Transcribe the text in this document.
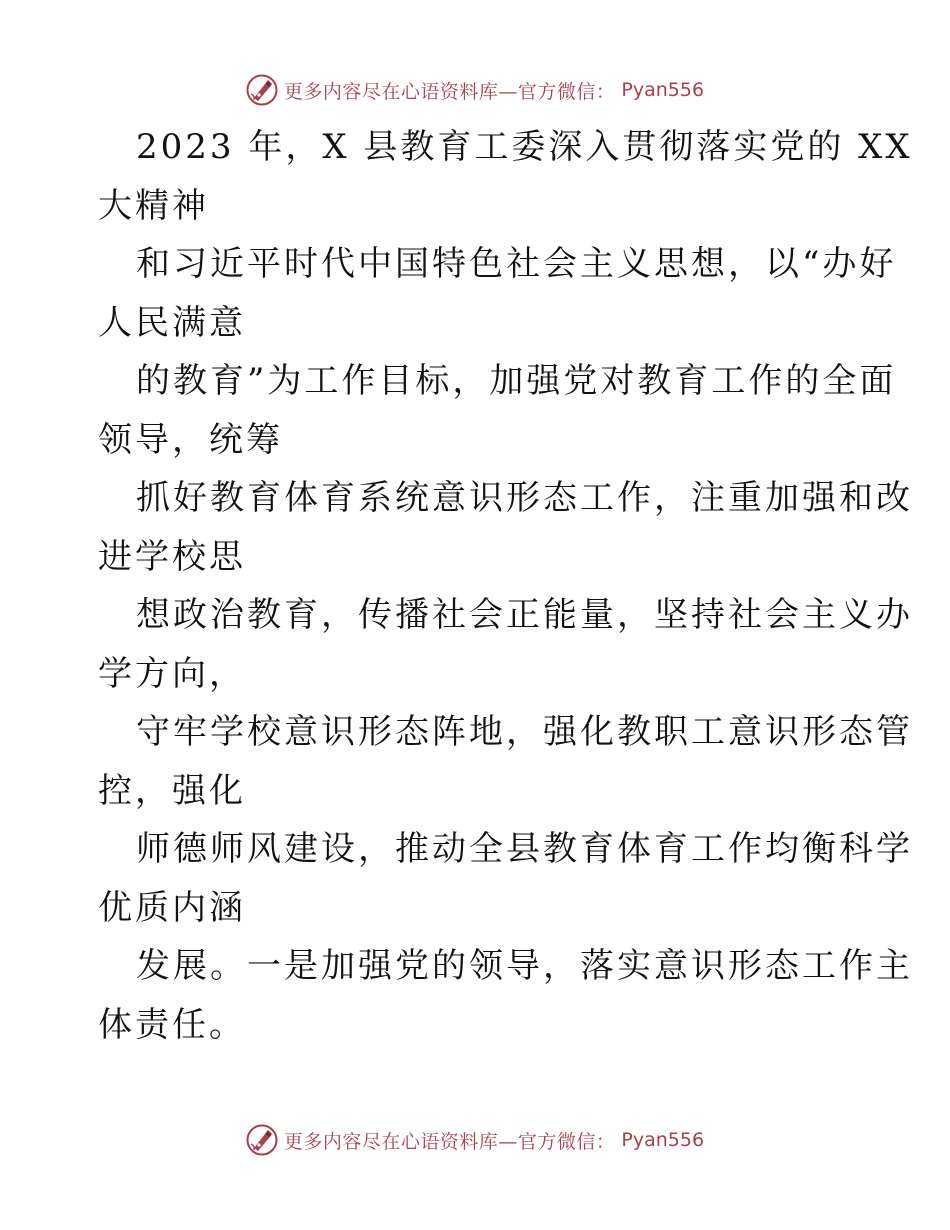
更多内容尽在心语资料库—官方微信： Pyan556
2023 年，X 县教育工委深入贯彻落实党的 XX
大精神
和习近平时代中国特色社会主义思想，以“办好
人民满意
的教育”为工作目标，加强党对教育工作的全面
领导，统筹
抓好教育体育系统意识形态工作，注重加强和改
进学校思
想政治教育，传播社会正能量，坚持社会主义办
学方向，
守牢学校意识形态阵地，强化教职工意识形态管
控，强化
师德师风建设，推动全县教育体育工作均衡科学
优质内涵
发展。一是加强党的领导，落实意识形态工作主
体责任。
更多内容尽在心语资料库—官方微信： Pyan556
